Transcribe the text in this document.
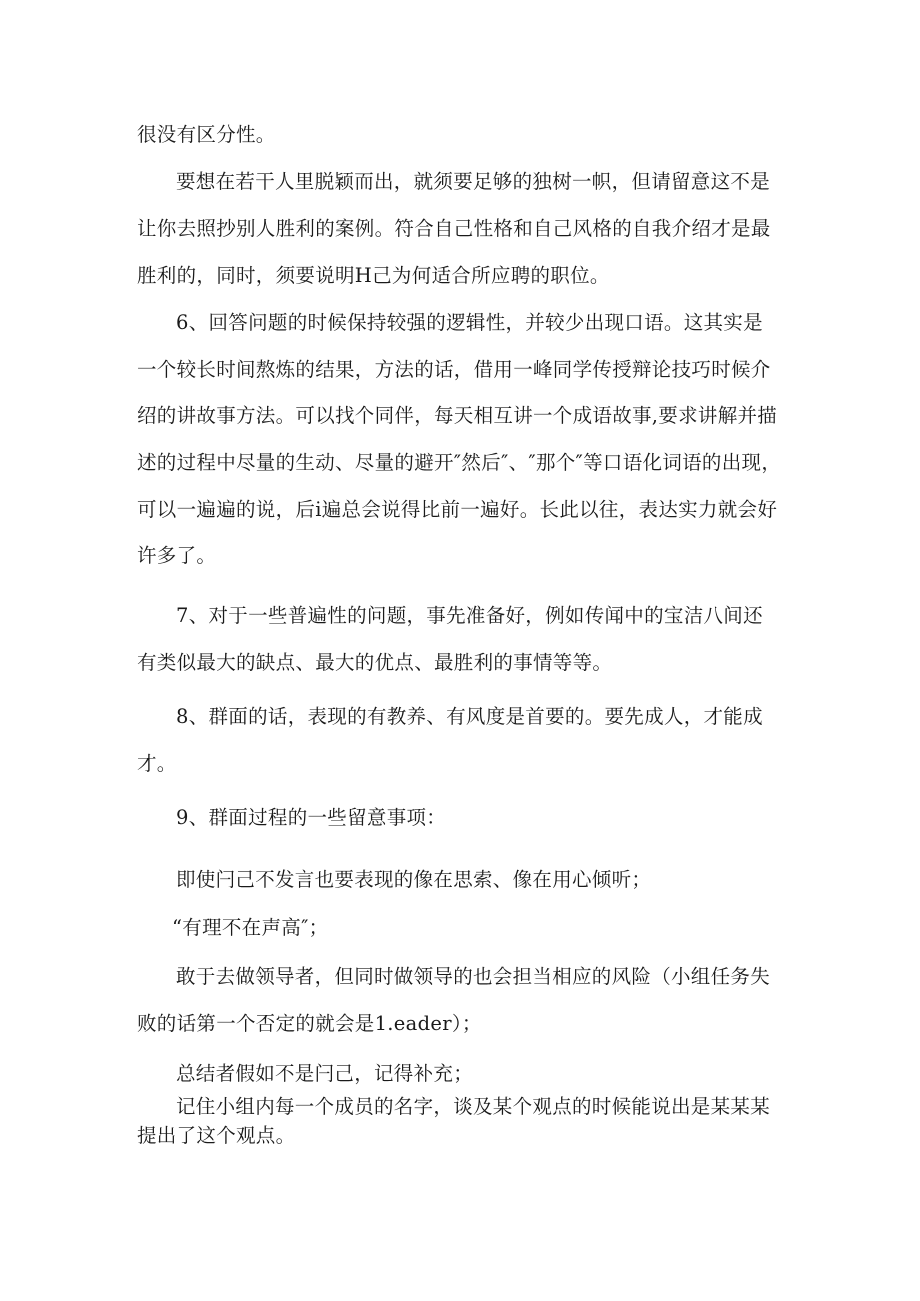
很没有区分性。
要想在若干人里脱颖而出，就须要足够的独树一帜，但请留意这不是
让你去照抄别人胜利的案例。符合自己性格和自己风格的自我介绍才是最
胜利的，同时，须要说明H己为何适合所应聘的职位。
6、回答问题的时候保持较强的逻辑性，并较少出现口语。这其实是
一个较长时间熬炼的结果，方法的话，借用一峰同学传授辩论技巧时候介
绍的讲故事方法。可以找个同伴，每天相互讲一个成语故事,要求讲解并描
述的过程中尽量的生动、尽量的避开″然后″、″那个″等口语化词语的出现，
可以一遍遍的说，后i遍总会说得比前一遍好。长此以往，表达实力就会好
许多了。
7、对于一些普遍性的问题，事先准备好，例如传闻中的宝洁八间还
有类似最大的缺点、最大的优点、最胜利的事情等等。
8、群面的话，表现的有教养、有风度是首要的。要先成人，才能成
才。
9、群面过程的一些留意事项：
即使闩己不发言也要表现的像在思索、像在用心倾听；
“有理不在声高″；
敢于去做领导者，但同时做领导的也会担当相应的风险（小组任务失
败的话第一个否定的就会是1.eader）；
总结者假如不是闩己，记得补充；
记住小组内每一个成员的名字，谈及某个观点的时候能说出是某某某
提出了这个观点。
